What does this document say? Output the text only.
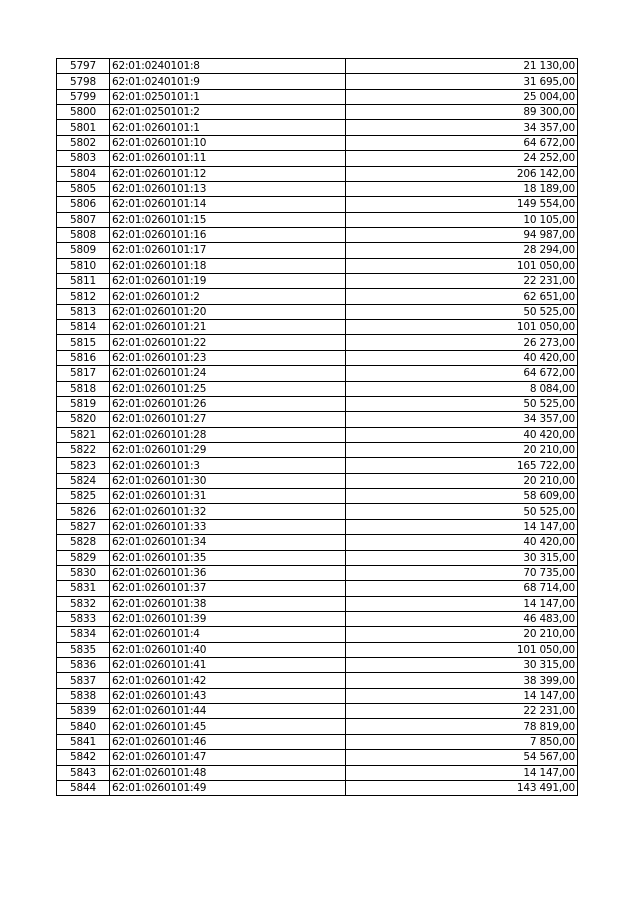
5797	62:01:0240101:8	21 130,00
5798	62:01:0240101:9	31 695,00
5799	62:01:0250101:1	25 004,00
5800	62:01:0250101:2	89 300,00
5801	62:01:0260101:1	34 357,00
5802	62:01:0260101:10	64 672,00
5803	62:01:0260101:11	24 252,00
5804	62:01:0260101:12	206 142,00
5805	62:01:0260101:13	18 189,00
5806	62:01:0260101:14	149 554,00
5807	62:01:0260101:15	10 105,00
5808	62:01:0260101:16	94 987,00
5809	62:01:0260101:17	28 294,00
5810	62:01:0260101:18	101 050,00
5811	62:01:0260101:19	22 231,00
5812	62:01:0260101:2	62 651,00
5813	62:01:0260101:20	50 525,00
5814	62:01:0260101:21	101 050,00
5815	62:01:0260101:22	26 273,00
5816	62:01:0260101:23	40 420,00
5817	62:01:0260101:24	64 672,00
5818	62:01:0260101:25	8 084,00
5819	62:01:0260101:26	50 525,00
5820	62:01:0260101:27	34 357,00
5821	62:01:0260101:28	40 420,00
5822	62:01:0260101:29	20 210,00
5823	62:01:0260101:3	165 722,00
5824	62:01:0260101:30	20 210,00
5825	62:01:0260101:31	58 609,00
5826	62:01:0260101:32	50 525,00
5827	62:01:0260101:33	14 147,00
5828	62:01:0260101:34	40 420,00
5829	62:01:0260101:35	30 315,00
5830	62:01:0260101:36	70 735,00
5831	62:01:0260101:37	68 714,00
5832	62:01:0260101:38	14 147,00
5833	62:01:0260101:39	46 483,00
5834	62:01:0260101:4	20 210,00
5835	62:01:0260101:40	101 050,00
5836	62:01:0260101:41	30 315,00
5837	62:01:0260101:42	38 399,00
5838	62:01:0260101:43	14 147,00
5839	62:01:0260101:44	22 231,00
5840	62:01:0260101:45	78 819,00
5841	62:01:0260101:46	7 850,00
5842	62:01:0260101:47	54 567,00
5843	62:01:0260101:48	14 147,00
5844	62:01:0260101:49	143 491,00
